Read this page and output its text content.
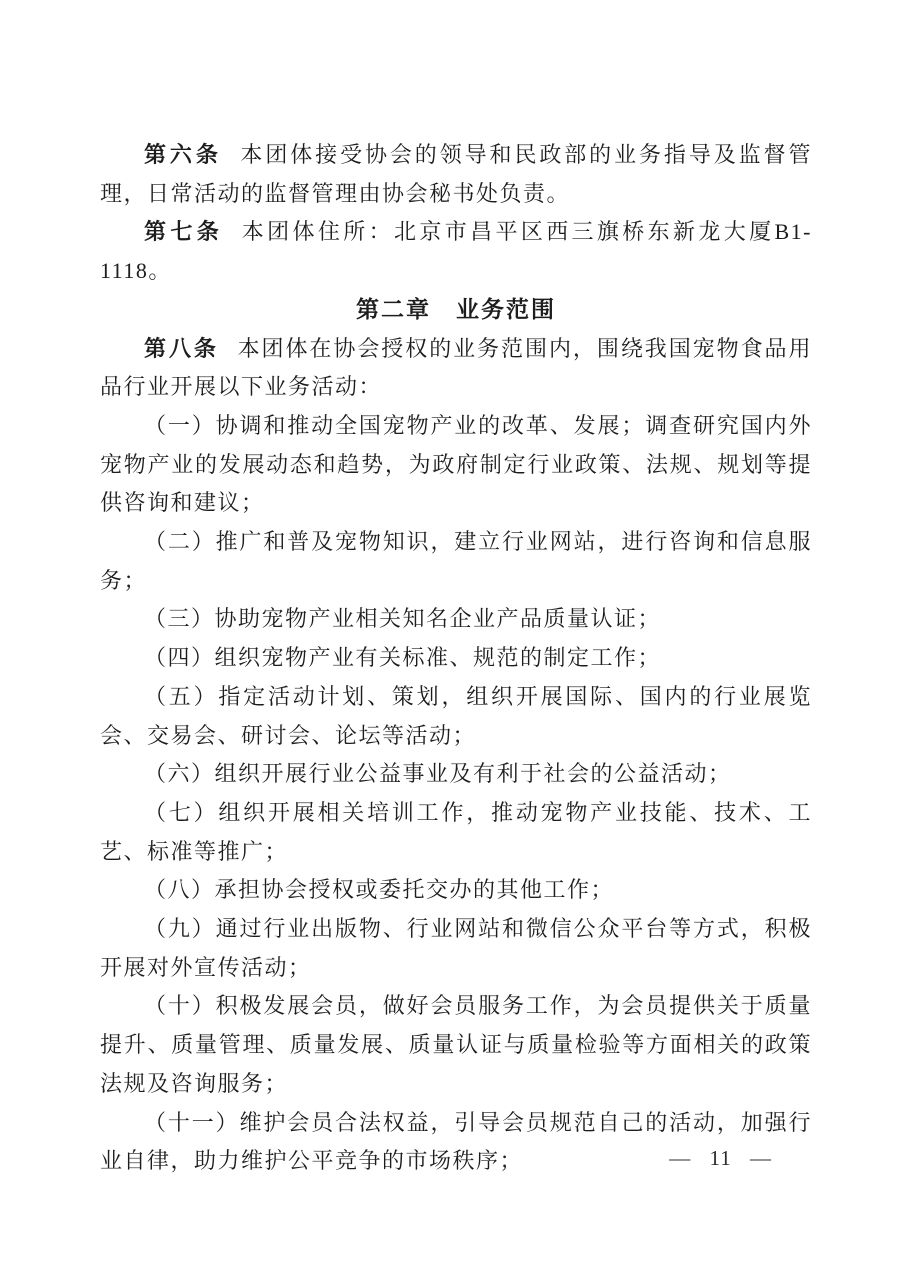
第六条 本团体接受协会的领导和民政部的业务指导及监督管理，日常活动的监督管理由协会秘书处负责。

第七条 本团体住所：北京市昌平区西三旗桥东新龙大厦B1-1118。

第二章　业务范围

第八条 本团体在协会授权的业务范围内，围绕我国宠物食品用品行业开展以下业务活动：

（一）协调和推动全国宠物产业的改革、发展；调查研究国内外宠物产业的发展动态和趋势，为政府制定行业政策、法规、规划等提供咨询和建议；

（二）推广和普及宠物知识，建立行业网站，进行咨询和信息服务；

（三）协助宠物产业相关知名企业产品质量认证；

（四）组织宠物产业有关标准、规范的制定工作；

（五）指定活动计划、策划，组织开展国际、国内的行业展览会、交易会、研讨会、论坛等活动；

（六）组织开展行业公益事业及有利于社会的公益活动；

（七）组织开展相关培训工作，推动宠物产业技能、技术、工艺、标准等推广；

（八）承担协会授权或委托交办的其他工作；

（九）通过行业出版物、行业网站和微信公众平台等方式，积极开展对外宣传活动；

（十）积极发展会员，做好会员服务工作，为会员提供关于质量提升、质量管理、质量发展、质量认证与质量检验等方面相关的政策法规及咨询服务；

（十一）维护会员合法权益，引导会员规范自己的活动，加强行业自律，助力维护公平竞争的市场秩序；	— 11 —
